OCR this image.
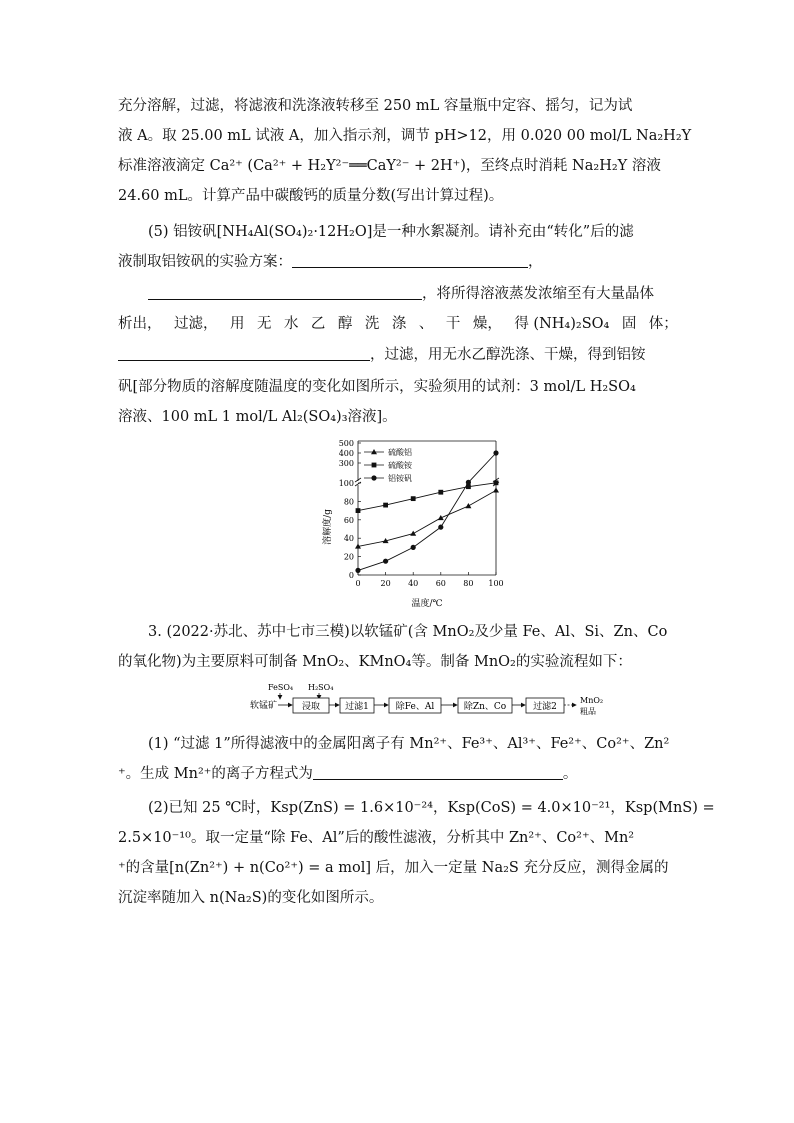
充分溶解，过滤，将滤液和洗涤液转移至 250 mL 容量瓶中定容、摇匀，记为试
液 A。取 25.00 mL 试液 A，加入指示剂，调节 pH>12，用 0.020 00 mol/L Na₂H₂Y
标准溶液滴定 Ca²⁺ (Ca²⁺ + H₂Y²⁻══CaY²⁻ + 2H⁺)，至终点时消耗 Na₂H₂Y 溶液
24.60 mL。计算产品中碳酸钙的质量分数(写出计算过程)。
(5) 铝铵矾[NH₄Al(SO₄)₂·12H₂O]是一种水絮凝剂。请补充由“转化”后的滤
液制取铝铵矾的实验方案：	，
，将所得溶液蒸发浓缩至有大量晶体
析出， 过滤， 用 无 水 乙 醇 洗 涤 、 干 燥， 得 (NH₄)₂SO₄ 固 体；
，过滤，用无水乙醇洗涤、干燥，得到铝铵
矾[部分物质的溶解度随温度的变化如图所示，实验须用的试剂：3 mol/L H₂SO₄
溶液、100 mL 1 mol/L Al₂(SO₄)₃溶液]。
0
20
40
60
80
100
300
400
500
0 20 40 60 80 100
温度/℃
溶解度/g
硫酸铝
硫酸铵
铝铵矾
3. (2022·苏北、苏中七市三模)以软锰矿(含 MnO₂及少量 Fe、Al、Si、Zn、Co
的氧化物)为主要原料可制备 MnO₂、KMnO₄等。制备 MnO₂的实验流程如下：
软锰矿
FeSO₄ H₂SO₄
浸取	过滤1	除Fe、Al	除Zn、Co	过滤2
MnO₂
粗品
(1) “过滤 1”所得滤液中的金属阳离子有 Mn²⁺、Fe³⁺、Al³⁺、Fe²⁺、Co²⁺、Zn²
⁺。生成 Mn²⁺的离子方程式为	。
(2)已知 25 ℃时，Ksp(ZnS) = 1.6×10⁻²⁴，Ksp(CoS) = 4.0×10⁻²¹，Ksp(MnS) =
2.5×10⁻¹⁰。取一定量“除 Fe、Al”后的酸性滤液，分析其中 Zn²⁺、Co²⁺、Mn²
⁺的含量[n(Zn²⁺) + n(Co²⁺) = a mol] 后，加入一定量 Na₂S 充分反应，测得金属的
沉淀率随加入 n(Na₂S)的变化如图所示。
